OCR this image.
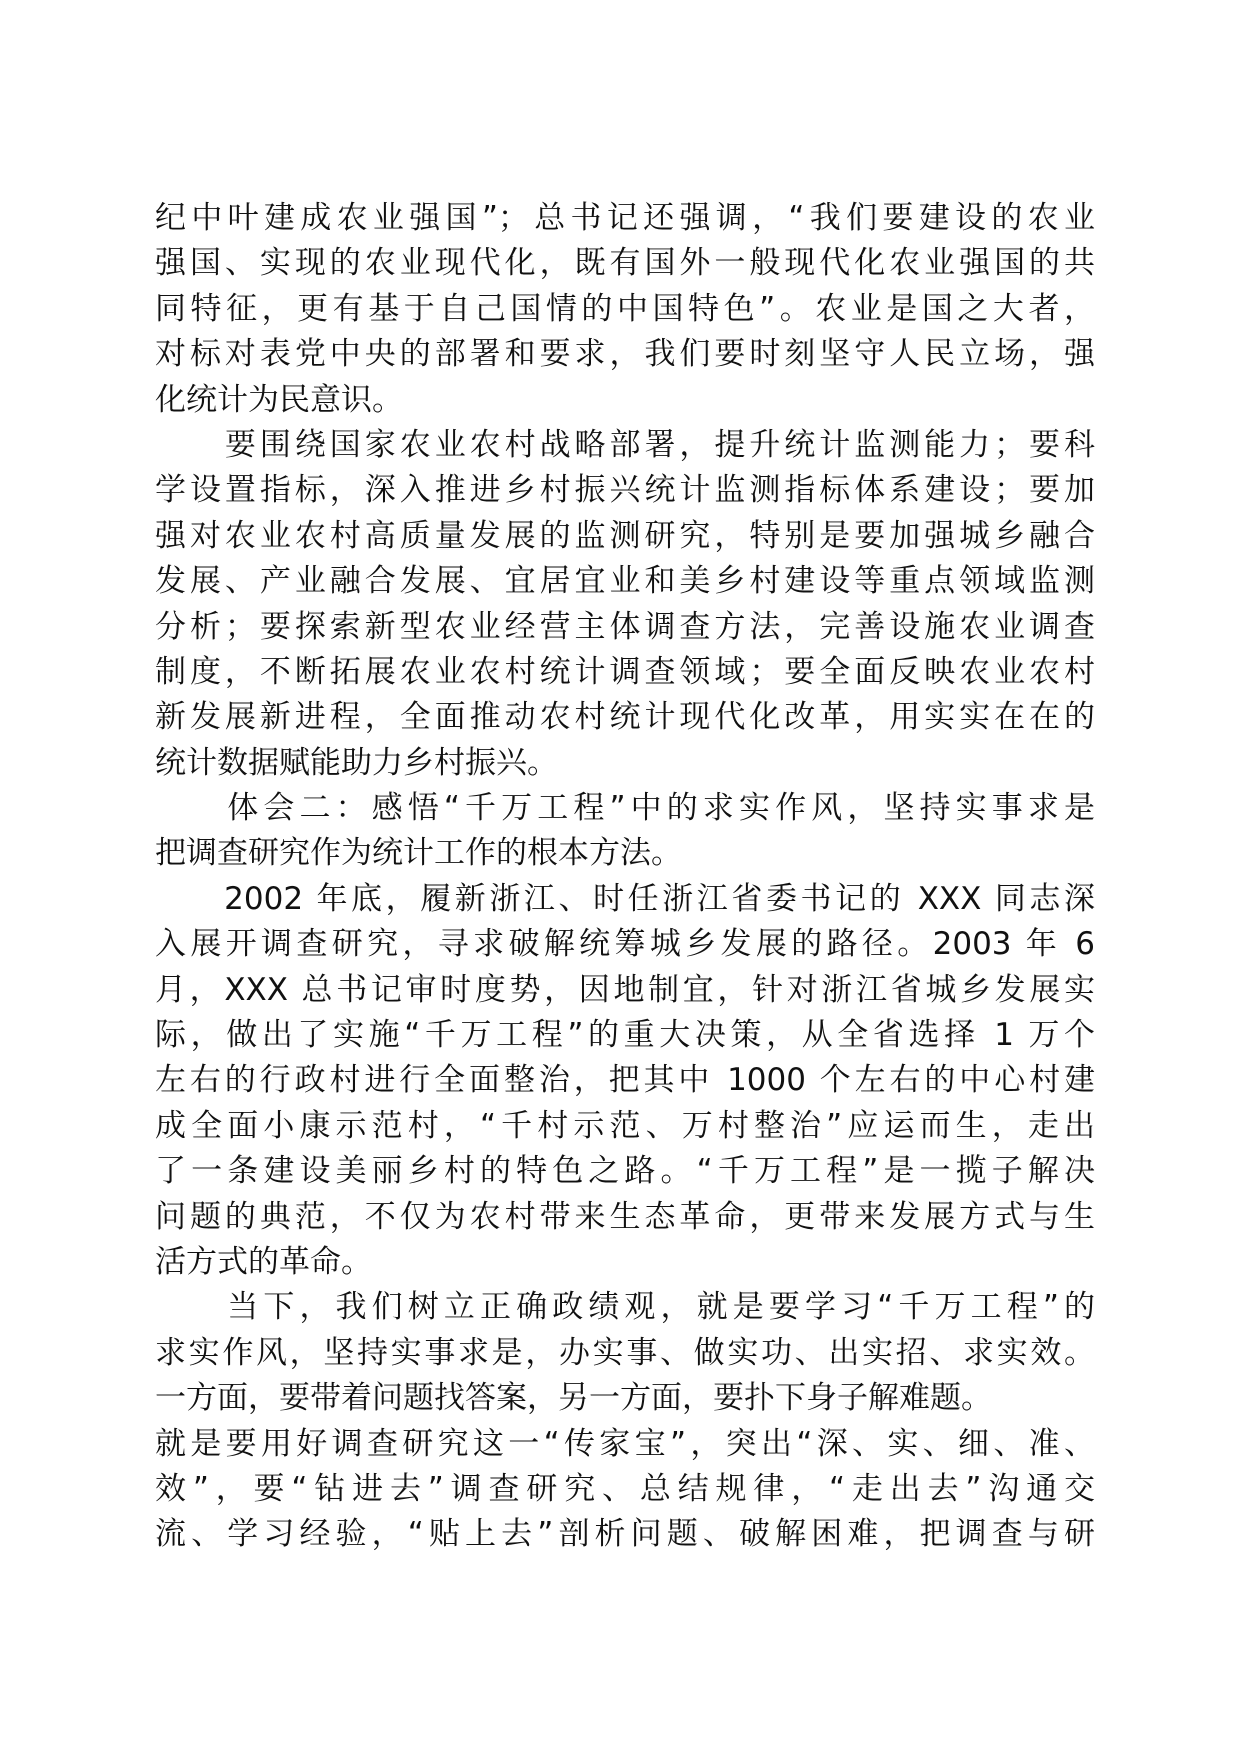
纪中叶建成农业强国”；总书记还强调，“我们要建设的农业
强国、实现的农业现代化，既有国外一般现代化农业强国的共
同特征，更有基于自己国情的中国特色”。农业是国之大者，
对标对表党中央的部署和要求，我们要时刻坚守人民立场，强
化统计为民意识。
　　要围绕国家农业农村战略部署，提升统计监测能力；要科
学设置指标，深入推进乡村振兴统计监测指标体系建设；要加
强对农业农村高质量发展的监测研究，特别是要加强城乡融合
发展、产业融合发展、宜居宜业和美乡村建设等重点领域监测
分析；要探索新型农业经营主体调查方法，完善设施农业调查
制度，不断拓展农业农村统计调查领域；要全面反映农业农村
新发展新进程，全面推动农村统计现代化改革，用实实在在的
统计数据赋能助力乡村振兴。
　　体会二：感悟“千万工程”中的求实作风，坚持实事求是
把调查研究作为统计工作的根本方法。
　　2002 年底，履新浙江、时任浙江省委书记的 XXX 同志深
入展开调查研究，寻求破解统筹城乡发展的路径。2003 年 6
月，XXX 总书记审时度势，因地制宜，针对浙江省城乡发展实
际，做出了实施“千万工程”的重大决策，从全省选择 1 万个
左右的行政村进行全面整治，把其中 1000 个左右的中心村建
成全面小康示范村，“千村示范、万村整治”应运而生，走出
了一条建设美丽乡村的特色之路。“千万工程”是一揽子解决
问题的典范，不仅为农村带来生态革命，更带来发展方式与生
活方式的革命。
　　当下，我们树立正确政绩观，就是要学习“千万工程”的
求实作风，坚持实事求是，办实事、做实功、出实招、求实效。
一方面，要带着问题找答案，另一方面，要扑下身子解难题。
就是要用好调查研究这一“传家宝”，突出“深、实、细、准、
效”，要“钻进去”调查研究、总结规律，“走出去”沟通交
流、学习经验，“贴上去”剖析问题、破解困难，把调查与研
